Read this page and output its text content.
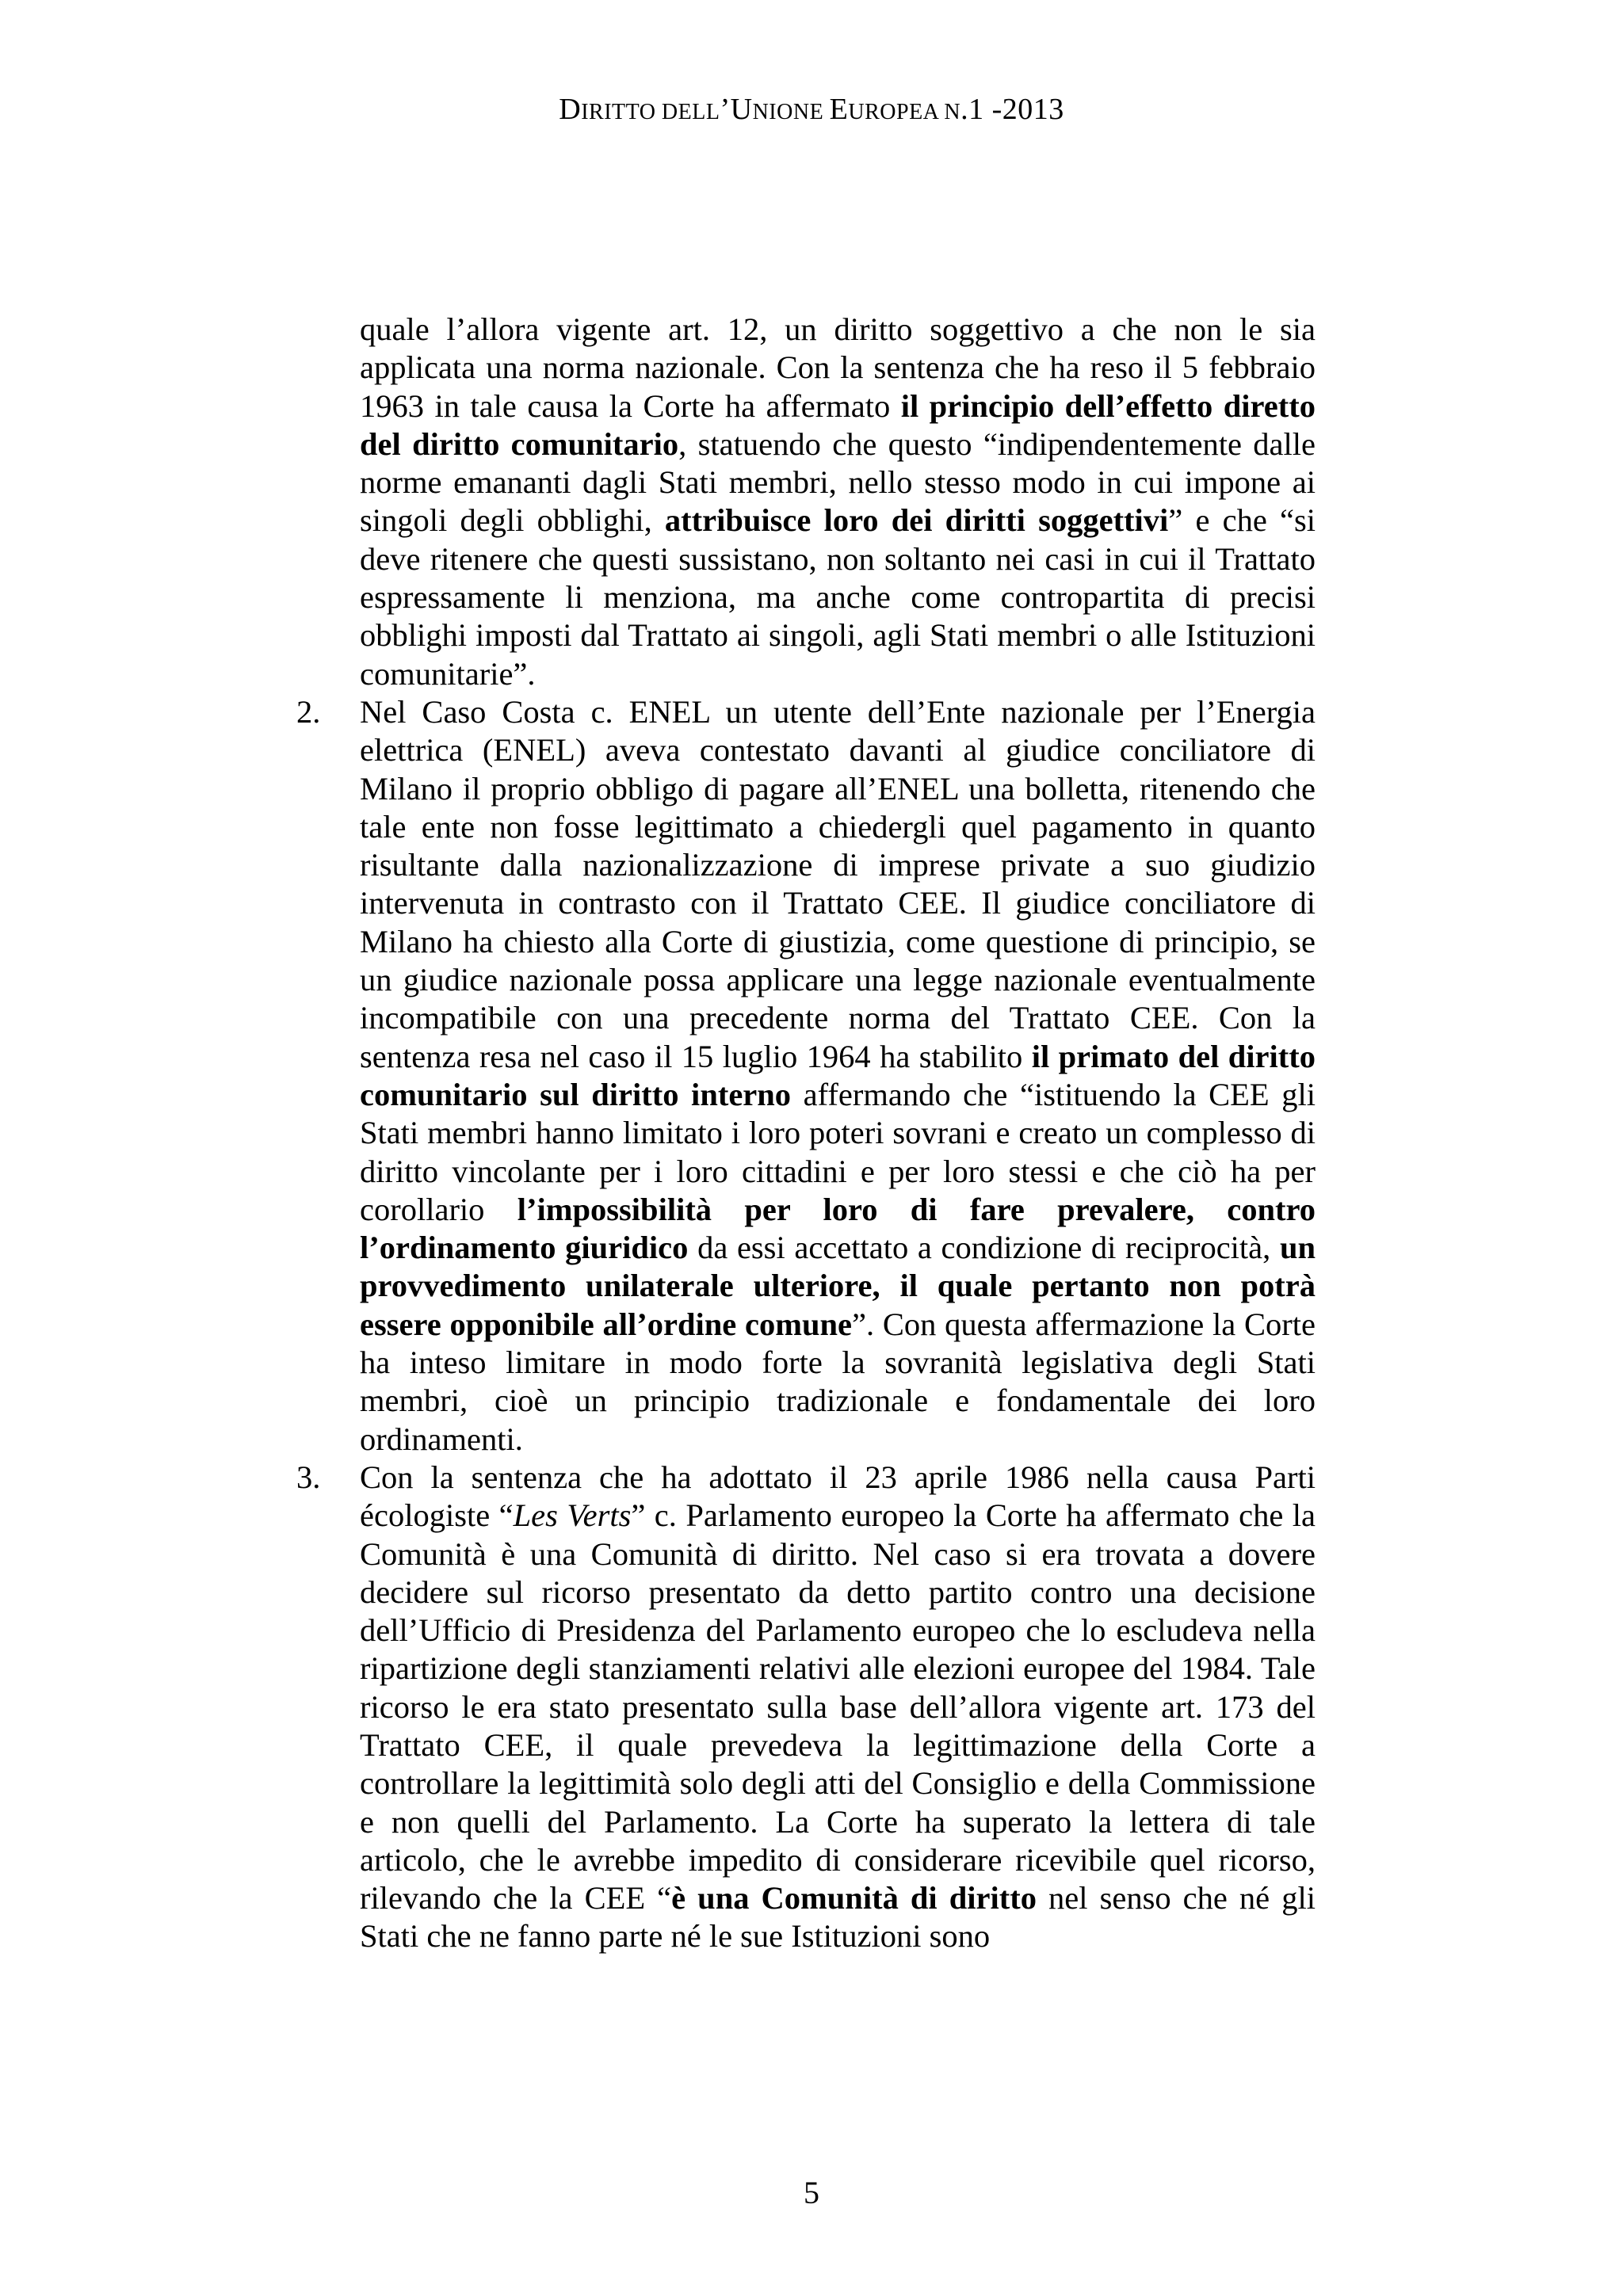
DIRITTO DELL’UNIONE EUROPEA N.1 -2013

quale l’allora vigente art. 12, un diritto soggettivo a che non le sia applicata una norma nazionale. Con la sentenza che ha reso il 5 febbraio 1963 in tale causa la Corte ha affermato il principio dell’effetto diretto del diritto comunitario, statuendo che questo “indipendentemente dalle norme emananti dagli Stati membri, nello stesso modo in cui impone ai singoli degli obblighi, attribuisce loro dei diritti soggettivi” e che “si deve ritenere che questi sussistano, non soltanto nei casi in cui il Trattato espressamente li menziona, ma anche come contropartita di precisi obblighi imposti dal Trattato ai singoli, agli Stati membri o alle Istituzioni comunitarie”.

2. Nel Caso Costa c. ENEL un utente dell’Ente nazionale per l’Energia elettrica (ENEL) aveva contestato davanti al giudice conciliatore di Milano il proprio obbligo di pagare all’ENEL una bolletta, ritenendo che tale ente non fosse legittimato a chiedergli quel pagamento in quanto risultante dalla nazionalizzazione di imprese private a suo giudizio intervenuta in contrasto con il Trattato CEE. Il giudice conciliatore di Milano ha chiesto alla Corte di giustizia, come questione di principio, se un giudice nazionale possa applicare una legge nazionale eventualmente incompatibile con una precedente norma del Trattato CEE. Con la sentenza resa nel caso il 15 luglio 1964 ha stabilito il primato del diritto comunitario sul diritto interno affermando che “istituendo la CEE gli Stati membri hanno limitato i loro poteri sovrani e creato un complesso di diritto vincolante per i loro cittadini e per loro stessi e che ciò ha per corollario l’impossibilità per loro di fare prevalere, contro l’ordinamento giuridico da essi accettato a condizione di reciprocità, un provvedimento unilaterale ulteriore, il quale pertanto non potrà essere opponibile all’ordine comune”. Con questa affermazione la Corte ha inteso limitare in modo forte la sovranità legislativa degli Stati membri, cioè un principio tradizionale e fondamentale dei loro ordinamenti.

3. Con la sentenza che ha adottato il 23 aprile 1986 nella causa Parti écologiste “Les Verts” c. Parlamento europeo la Corte ha affermato che la Comunità è una Comunità di diritto. Nel caso si era trovata a dovere decidere sul ricorso presentato da detto partito contro una decisione dell’Ufficio di Presidenza del Parlamento europeo che lo escludeva nella ripartizione degli stanziamenti relativi alle elezioni europee del 1984. Tale ricorso le era stato presentato sulla base dell’allora vigente art. 173 del Trattato CEE, il quale prevedeva la legittimazione della Corte a controllare la legittimità solo degli atti del Consiglio e della Commissione e non quelli del Parlamento. La Corte ha superato la lettera di tale articolo, che le avrebbe impedito di considerare ricevibile quel ricorso, rilevando che la CEE “è una Comunità di diritto nel senso che né gli Stati che ne fanno parte né le sue Istituzioni sono

5
